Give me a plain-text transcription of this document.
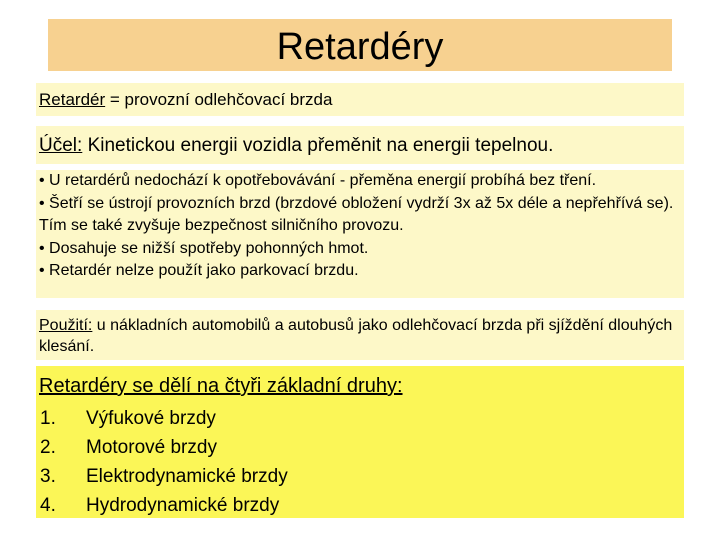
Retardéry
Retardér = provozní odlehčovací brzda
Účel: Kinetickou energii vozidla přeměnit na energii tepelnou.
• U retardérů nedochází k opotřebovávání - přeměna energií probíhá bez tření.
• Šetří se ústrojí provozních brzd (brzdové obložení vydrží 3x až 5x déle a nepřehřívá se). Tím se také zvyšuje bezpečnost silničního provozu.
• Dosahuje se nižší spotřeby pohonných hmot.
• Retardér nelze použít jako parkovací brzdu.
Použití: u nákladních automobilů a autobusů jako odlehčovací brzda při sjíždění dlouhých klesání.
Retardéry se dělí na čtyři základní druhy:
1.	Výfukové brzdy
2.	Motorové brzdy
3.	Elektrodynamické brzdy
4.	Hydrodynamické brzdy
